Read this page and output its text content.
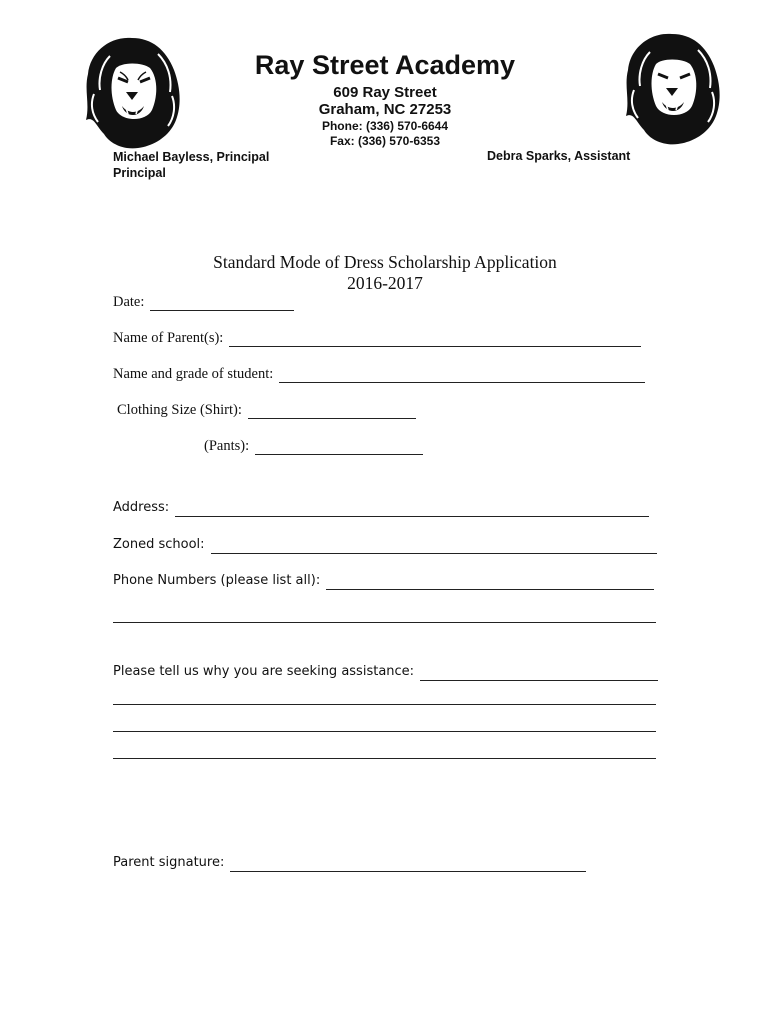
Ray Street Academy
609 Ray Street
Graham, NC 27253
Phone: (336) 570-6644
Fax: (336) 570-6353
Michael Bayless, Principal
Principal
Debra Sparks, Assistant
Standard Mode of Dress Scholarship Application
2016-2017
Date:
Name of Parent(s):
Name and grade of student:
Clothing Size (Shirt):
(Pants):
Address:
Zoned school:
Phone Numbers (please list all):
Please tell us why you are seeking assistance:
Parent signature:
